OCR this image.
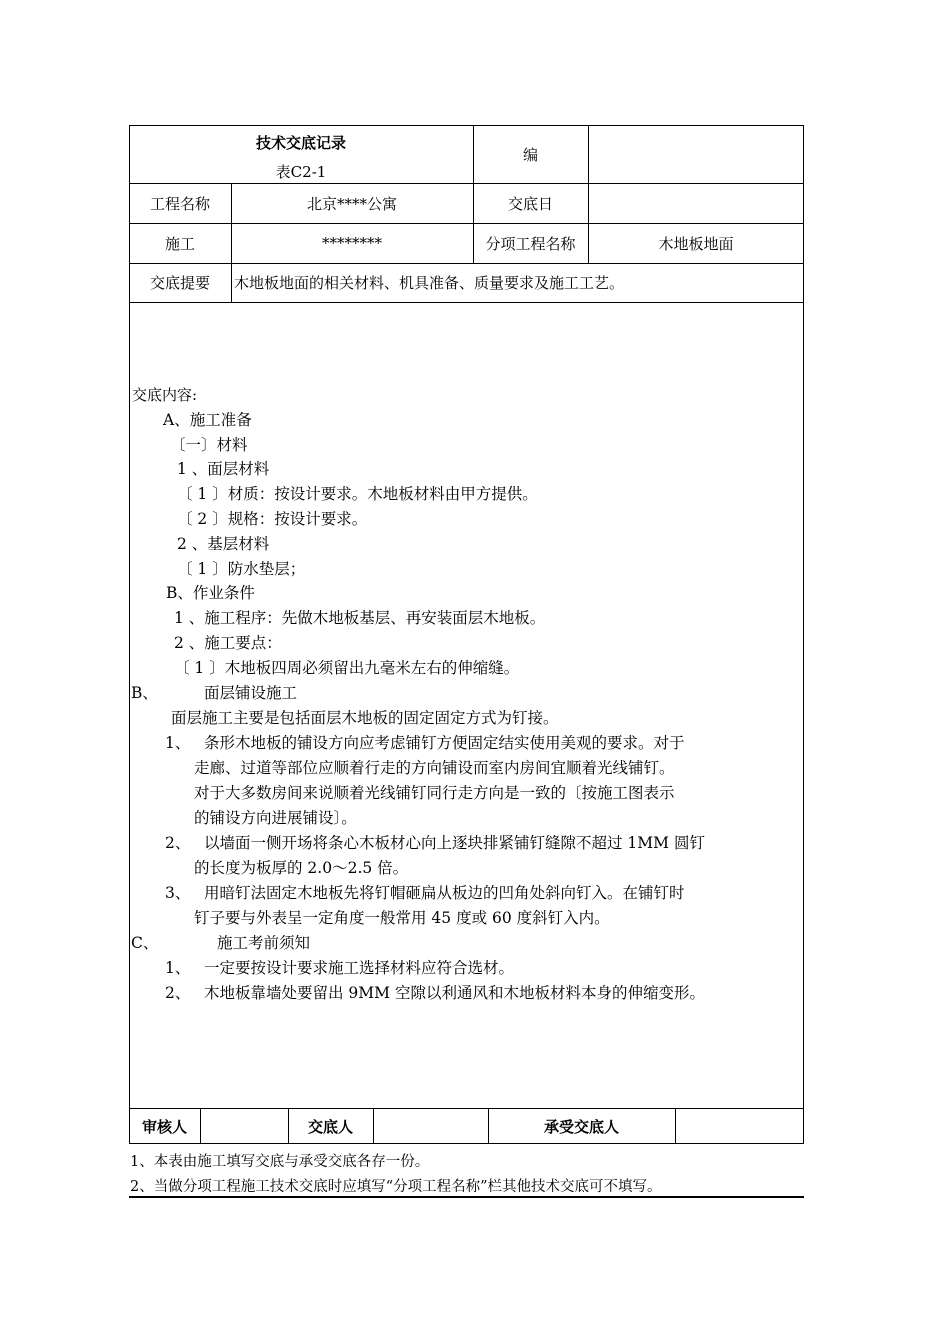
技术交底记录
表C2-1
编
工程名称	北京****公寓	交底日
施工	********	分项工程名称	木地板地面
交底提要	木地板地面的相关材料、机具准备、质量要求及施工工艺。
交底内容:
A、施工准备
〔一〕材料
1 、面层材料
〔 1 〕材质：按设计要求。木地板材料由甲方提供。
〔 2 〕规格：按设计要求。
2 、基层材料
〔 1 〕防水垫层；
B、作业条件
1 、施工程序：先做木地板基层、再安装面层木地板。
2 、施工要点：
〔 1 〕木地板四周必须留出九毫米左右的伸缩缝。
B、	面层铺设施工
面层施工主要是包括面层木地板的固定固定方式为钉接。
1、 条形木地板的铺设方向应考虑铺钉方便固定结实使用美观的要求。对于
走廊、过道等部位应顺着行走的方向铺设而室内房间宜顺着光线铺钉。
对于大多数房间来说顺着光线铺钉同行走方向是一致的〔按施工图表示
的铺设方向进展铺设〕。
2、 以墙面一侧开场将条心木板材心向上逐块排紧铺钉缝隙不超过 1MM 圆钉
的长度为板厚的 2.0～2.5 倍。
3、 用暗钉法固定木地板先将钉帽砸扁从板边的凹角处斜向钉入。在铺钉时
钉子要与外表呈一定角度一般常用 45 度或 60 度斜钉入内。
C、	施工考前须知
1、 一定要按设计要求施工选择材料应符合选材。
2、 木地板靠墙处要留出 9MM 空隙以利通风和木地板材料本身的伸缩变形。
审核人	交底人	承受交底人
1、本表由施工填写交底与承受交底各存一份。
2、当做分项工程施工技术交底时应填写“分项工程名称”栏其他技术交底可不填写。
